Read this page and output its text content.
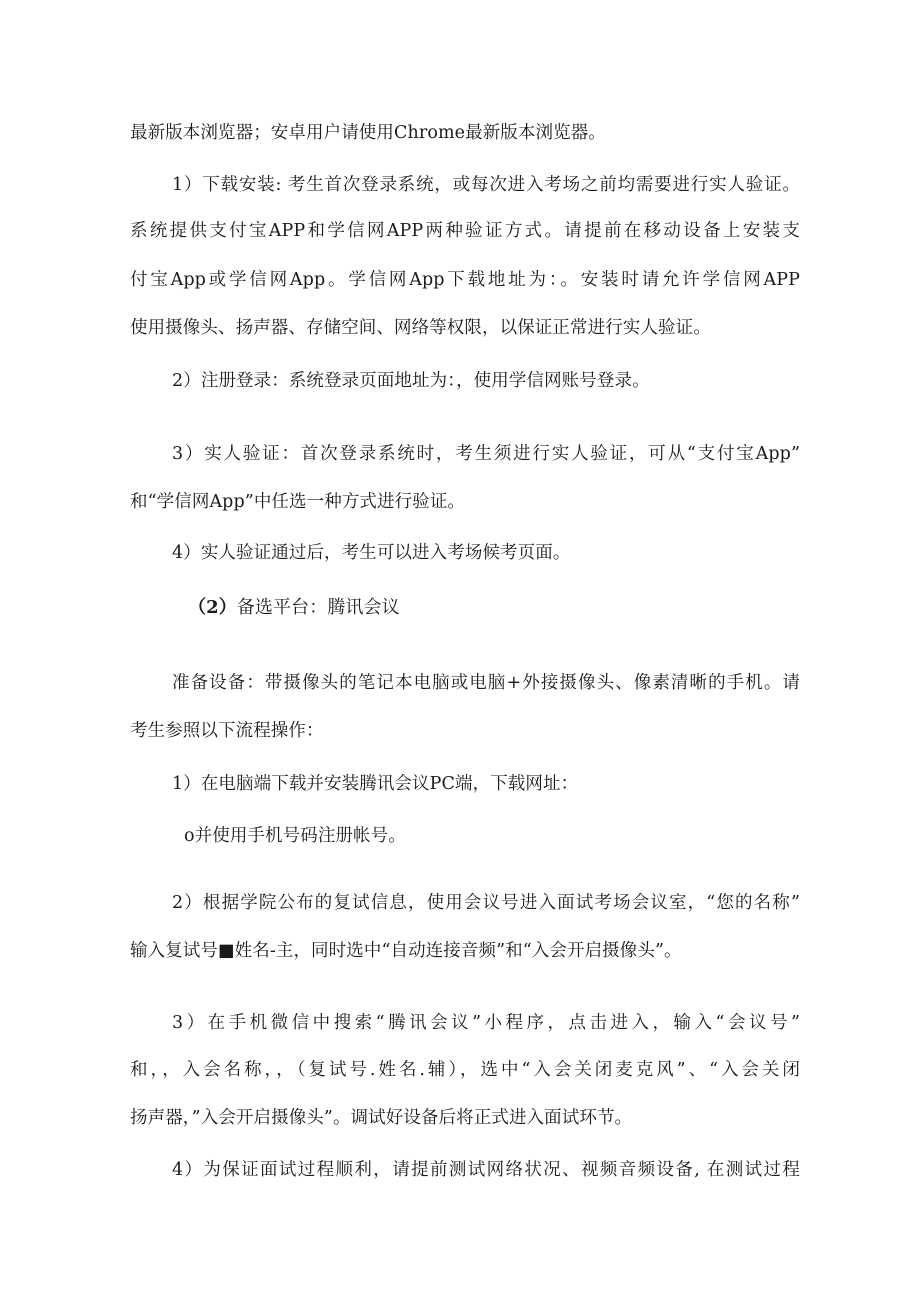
最新版本浏览器；安卓用户请使用Chrome最新版本浏览器。
1）下载安装: 考生首次登录系统，或每次进入考场之前均需要进行实人验证。
系统提供支付宝APP和学信网APP两种验证方式。请提前在移动设备上安装支
付宝App或学信网App。学信网App下载地址为：。安装时请允许学信网APP
使用摄像头、扬声器、存储空间、网络等权限，以保证正常进行实人验证。
2）注册登录：系统登录页面地址为：，使用学信网账号登录。
3）实人验证：首次登录系统时，考生须进行实人验证，可从“支付宝App”
和“学信网App”中任选一种方式进行验证。
4）实人验证通过后，考生可以进入考场候考页面。
（2）备选平台：腾讯会议
准备设备：带摄像头的笔记本电脑或电脑+外接摄像头、像素清晰的手机。请
考生参照以下流程操作：
1）在电脑端下载并安装腾讯会议PC端，下载网址：
o并使用手机号码注册帐号。
2）根据学院公布的复试信息，使用会议号进入面试考场会议室，“您的名称”
输入复试号■姓名-主，同时选中“自动连接音频”和“入会开启摄像头”。
3）在手机微信中搜索“腾讯会议”小程序，点击进入，输入“会议号”
和，，入会名称，，（复试号.姓名.辅），选中“入会关闭麦克风”、“入会关闭
扬声器，”入会开启摄像头”。调试好设备后将正式进入面试环节。
4）为保证面试过程顺利，请提前测试网络状况、视频音频设备, 在测试过程
